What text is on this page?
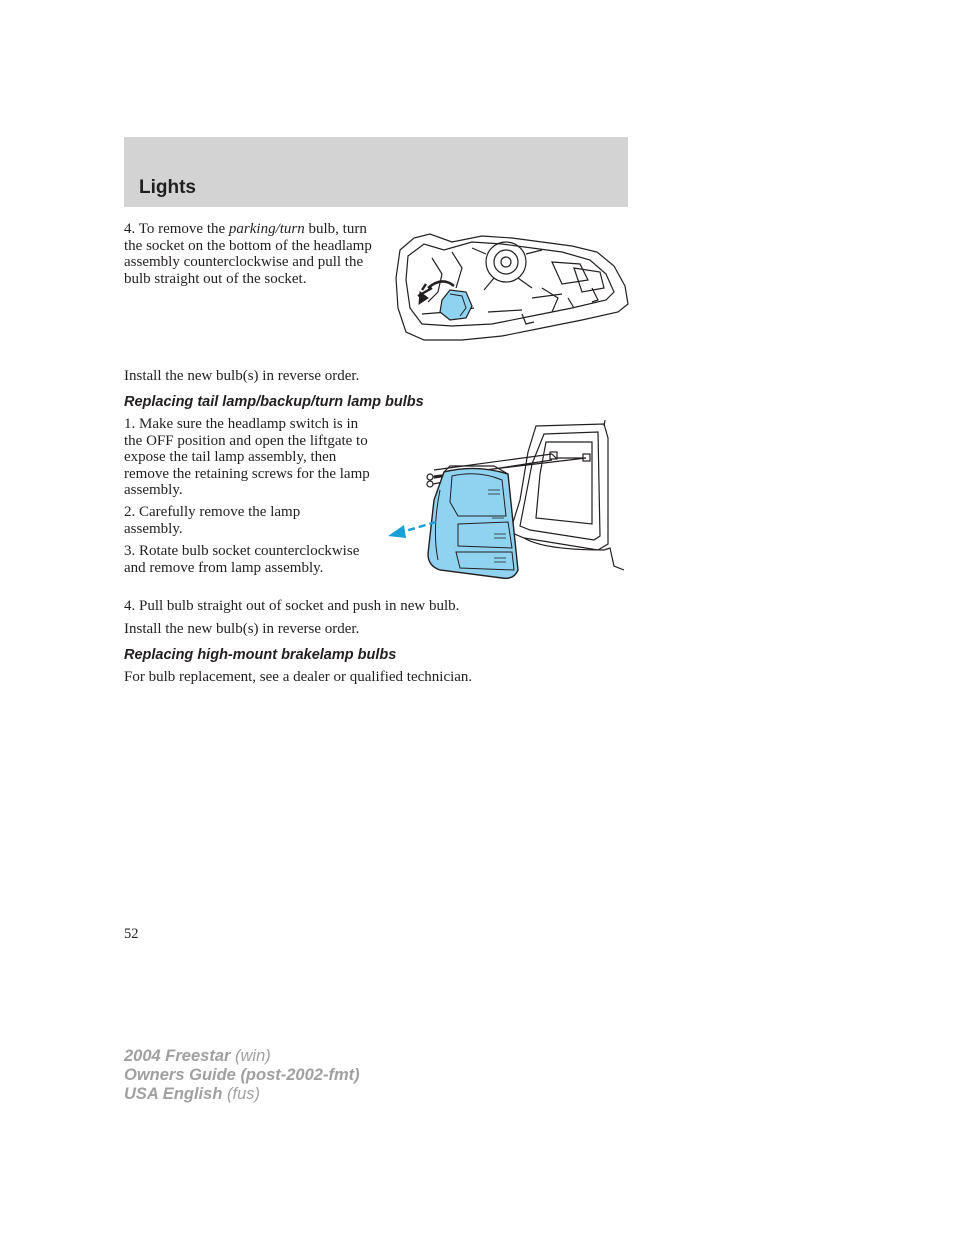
Lights

4. To remove the parking/turn bulb, turn the socket on the bottom of the headlamp assembly counterclockwise and pull the bulb straight out of the socket.

Install the new bulb(s) in reverse order.

Replacing tail lamp/backup/turn lamp bulbs

1. Make sure the headlamp switch is in the OFF position and open the liftgate to expose the tail lamp assembly, then remove the retaining screws for the lamp assembly.

2. Carefully remove the lamp assembly.

3. Rotate bulb socket counterclockwise and remove from lamp assembly.

4. Pull bulb straight out of socket and push in new bulb.

Install the new bulb(s) in reverse order.

Replacing high-mount brakelamp bulbs

For bulb replacement, see a dealer or qualified technician.

52

2004 Freestar (win)
Owners Guide (post-2002-fmt)
USA English (fus)
